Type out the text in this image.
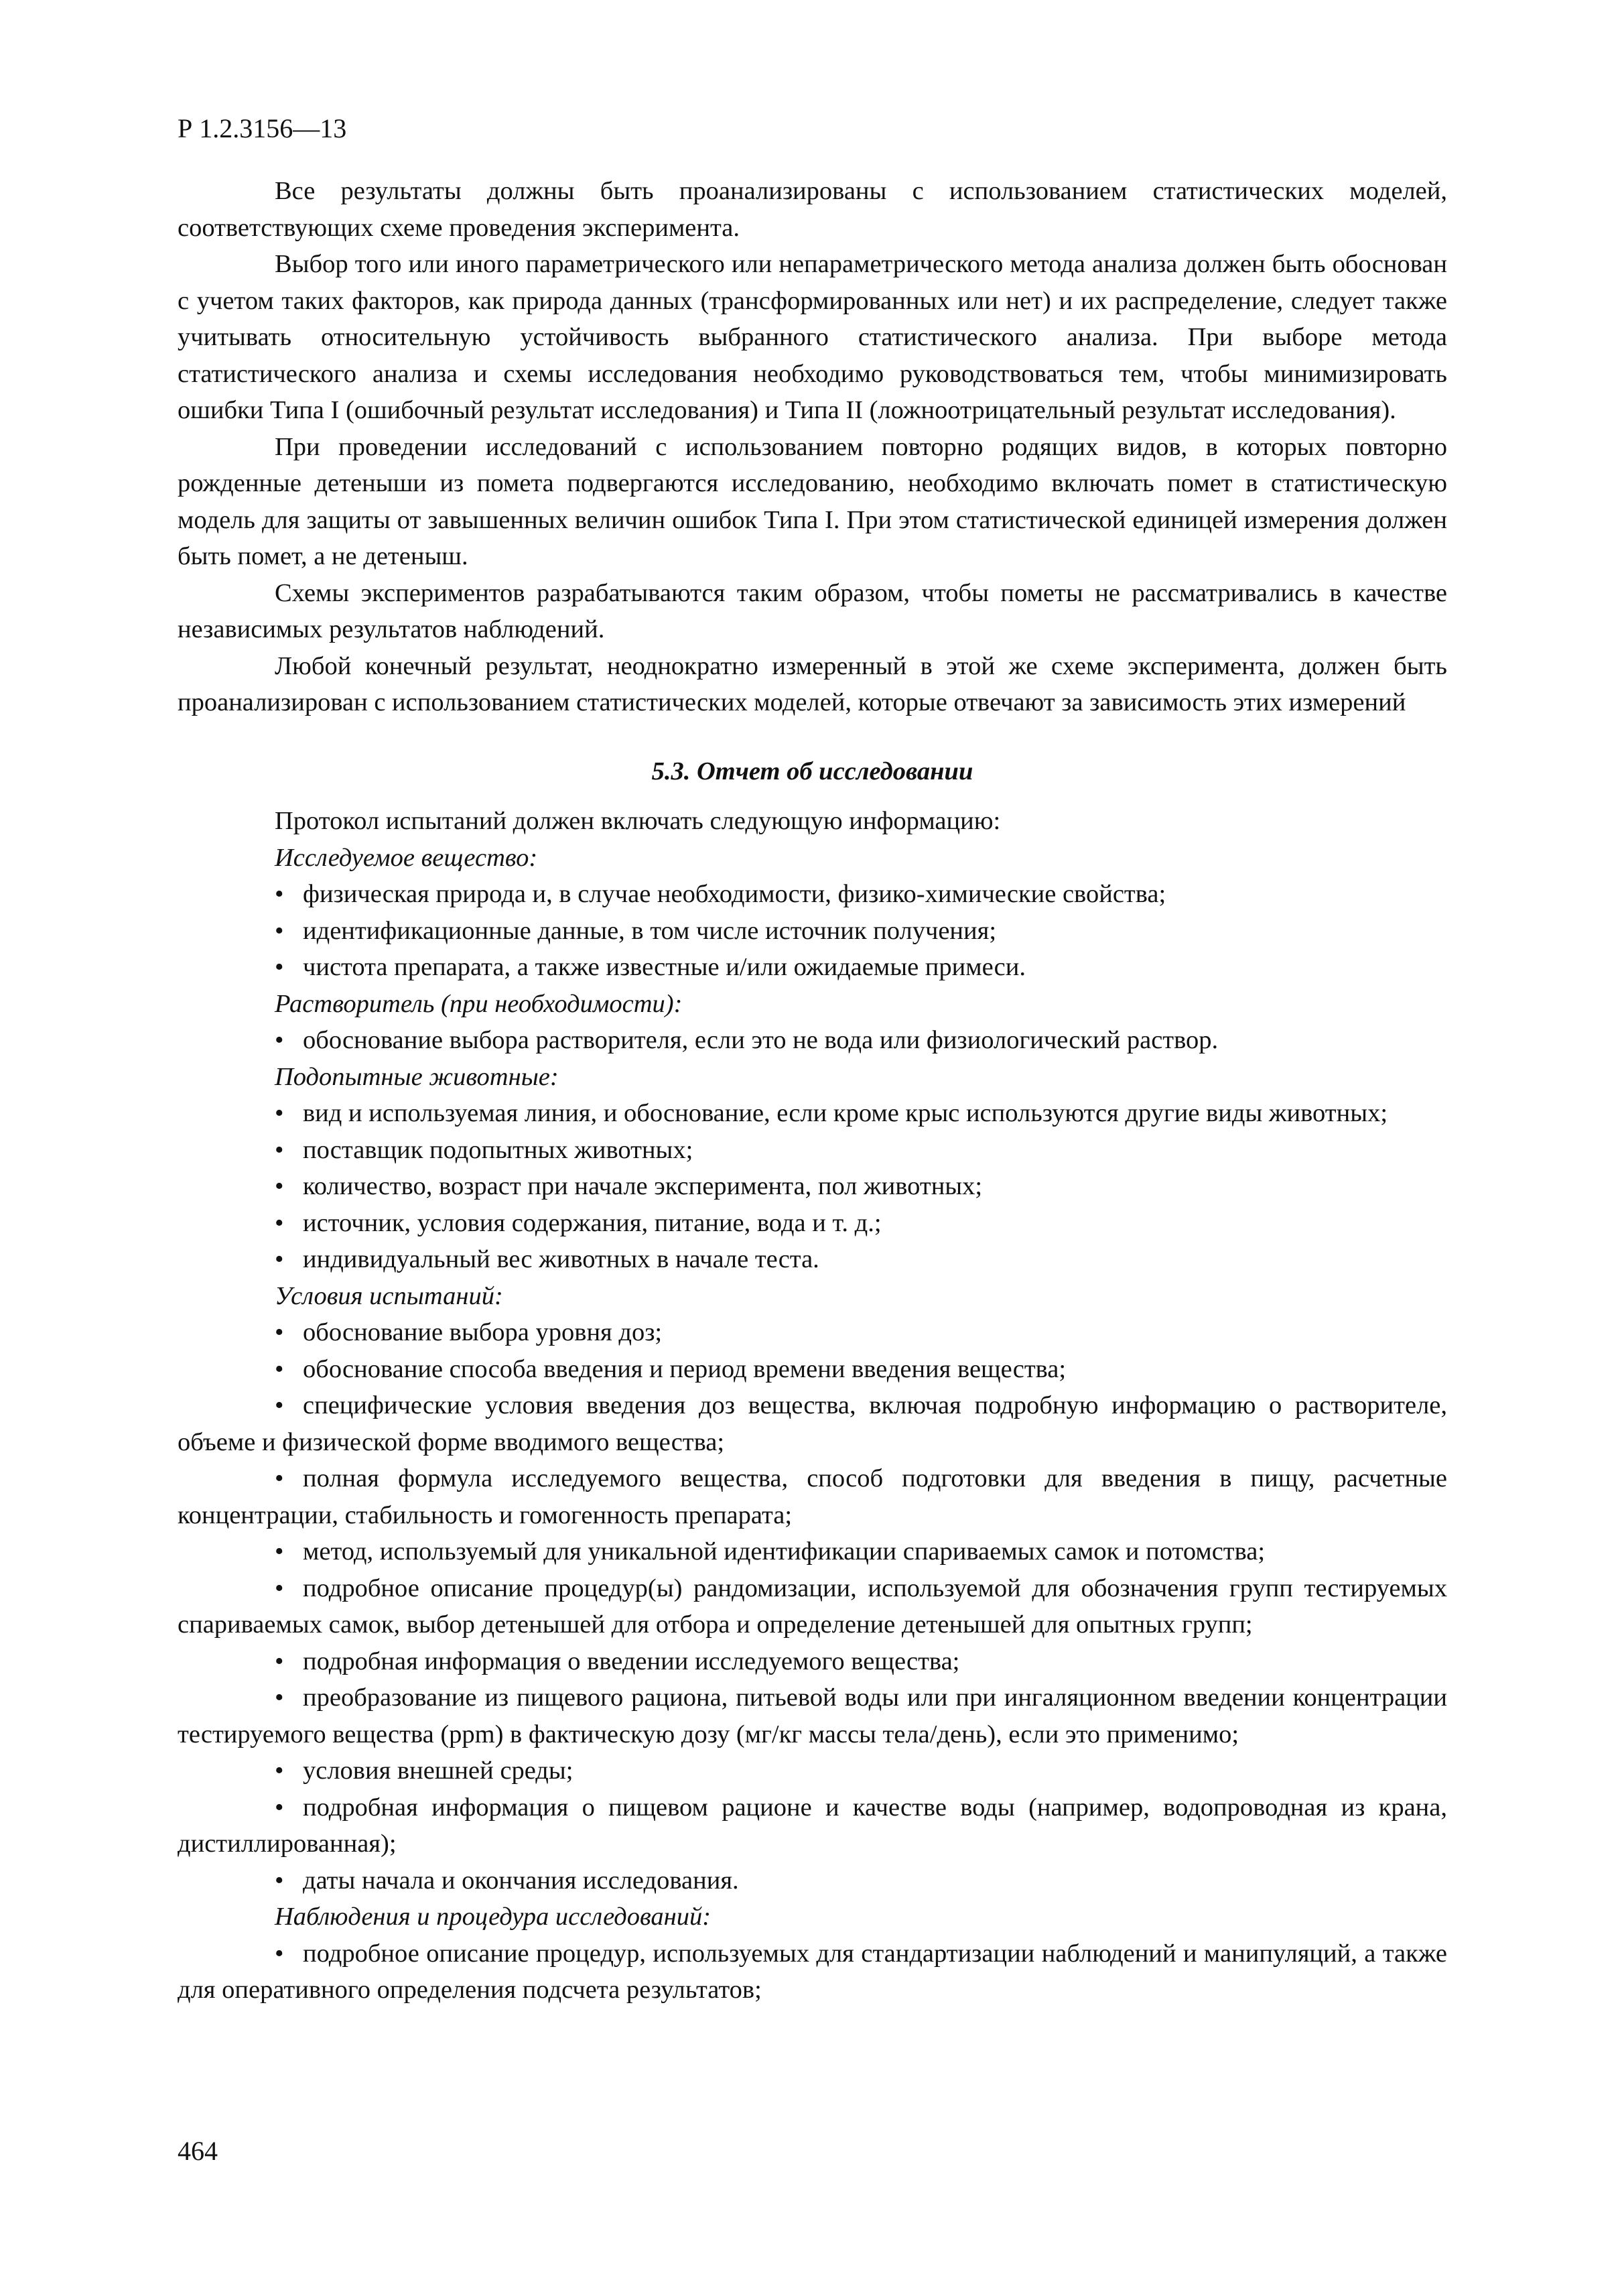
Р 1.2.3156—13

Все результаты должны быть проанализированы с использованием статистических моделей, соответствующих схеме проведения эксперимента.

Выбор того или иного параметрического или непараметрического метода анализа должен быть обоснован с учетом таких факторов, как природа данных (трансформированных или нет) и их распределение, следует также учитывать относительную устойчивость выбранного статистического анализа. При выборе метода статистического анализа и схемы исследования необходимо руководствоваться тем, чтобы минимизировать ошибки Типа I (ошибочный результат исследования) и Типа II (ложноотрицательный результат исследования).

При проведении исследований с использованием повторно родящих видов, в которых повторно рожденные детеныши из помета подвергаются исследованию, необходимо включать помет в статистическую модель для защиты от завышенных величин ошибок Типа I. При этом статистической единицей измерения должен быть помет, а не детеныш.

Схемы экспериментов разрабатываются таким образом, чтобы пометы не рассматривались в качестве независимых результатов наблюдений.

Любой конечный результат, неоднократно измеренный в этой же схеме эксперимента, должен быть проанализирован с использованием статистических моделей, которые отвечают за зависимость этих измерений

5.3. Отчет об исследовании

Протокол испытаний должен включать следующую информацию:

Исследуемое вещество:
• физическая природа и, в случае необходимости, физико-химические свойства;
• идентификационные данные, в том числе источник получения;
• чистота препарата, а также известные и/или ожидаемые примеси.
Растворитель (при необходимости):
• обоснование выбора растворителя, если это не вода или физиологический раствор.
Подопытные животные:
• вид и используемая линия, и обоснование, если кроме крыс используются другие виды животных;
• поставщик подопытных животных;
• количество, возраст при начале эксперимента, пол животных;
• источник, условия содержания, питание, вода и т. д.;
• индивидуальный вес животных в начале теста.
Условия испытаний:
• обоснование выбора уровня доз;
• обоснование способа введения и период времени введения вещества;
• специфические условия введения доз вещества, включая подробную информацию о растворителе, объеме и физической форме вводимого вещества;
• полная формула исследуемого вещества, способ подготовки для введения в пищу, расчетные концентрации, стабильность и гомогенность препарата;
• метод, используемый для уникальной идентификации спариваемых самок и потомства;
• подробное описание процедур(ы) рандомизации, используемой для обозначения групп тестируемых спариваемых самок, выбор детенышей для отбора и определение детенышей для опытных групп;
• подробная информация о введении исследуемого вещества;
• преобразование из пищевого рациона, питьевой воды или при ингаляционном введении концентрации тестируемого вещества (ppm) в фактическую дозу (мг/кг массы тела/день), если это применимо;
• условия внешней среды;
• подробная информация о пищевом рационе и качестве воды (например, водопроводная из крана, дистиллированная);
• даты начала и окончания исследования.
Наблюдения и процедура исследований:
• подробное описание процедур, используемых для стандартизации наблюдений и манипуляций, а также для оперативного определения подсчета результатов;
464
